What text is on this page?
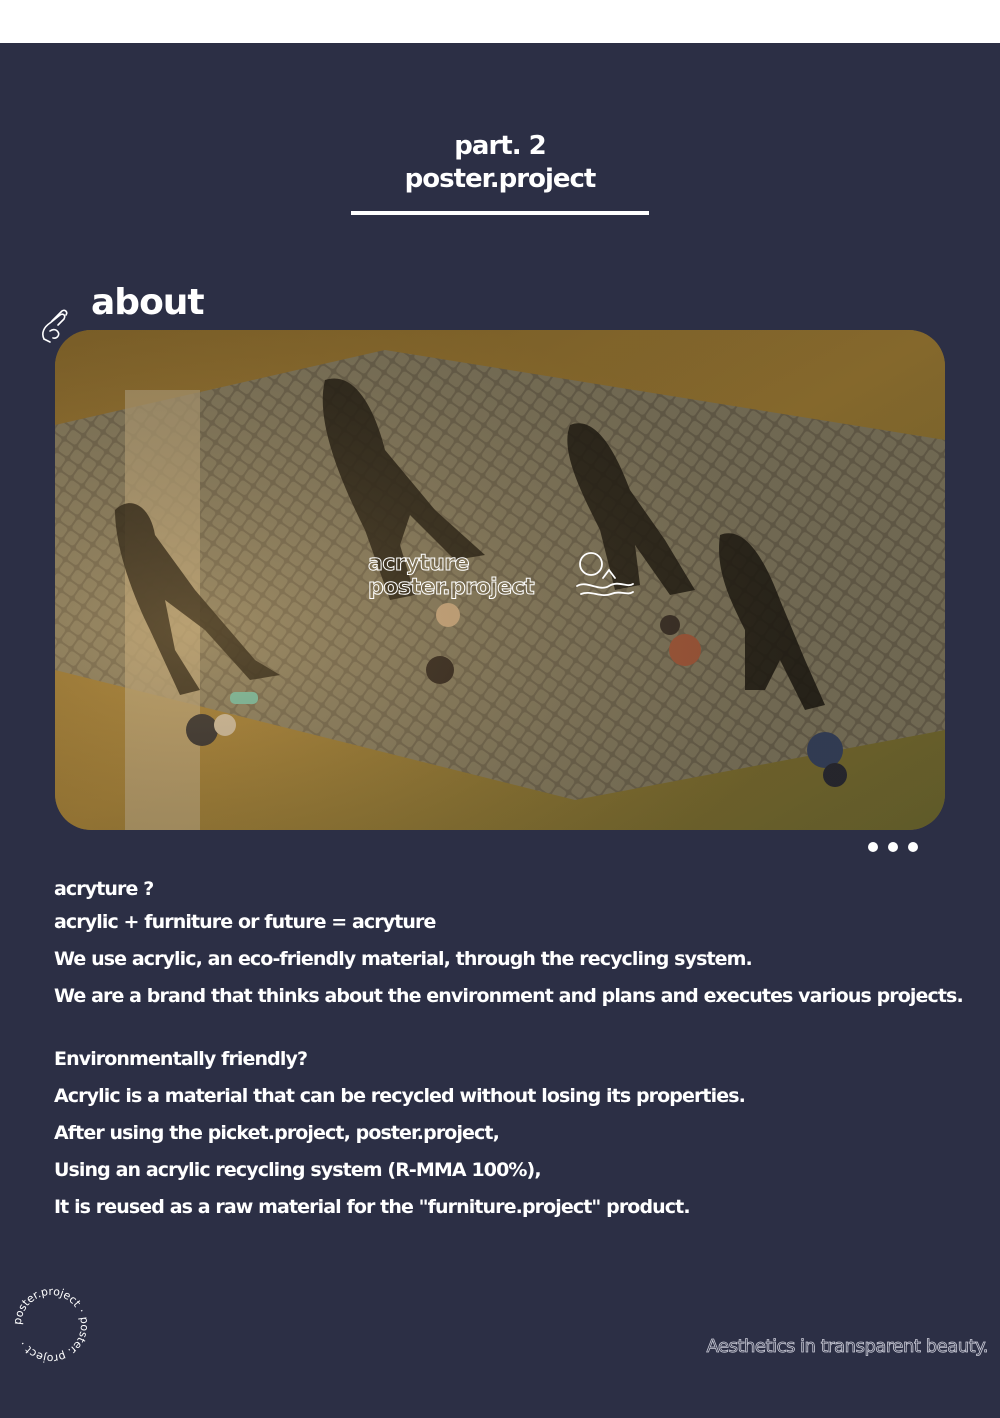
part. 2
poster.project
about
acryture
poster.project
acryture ?
acrylic + furniture or future = acryture
We use acrylic, an eco-friendly material, through the recycling system.
We are a brand that thinks about the environment and plans and executes various projects.
Environmentally friendly?
Acrylic is a material that can be recycled without losing its properties.
After using the picket.project, poster.project,
Using an acrylic recycling system (R-MMA 100%),
It is reused as a raw material for the "furniture.project" product.
poster.project · poster. project ·	Aesthetics in transparent beauty.
